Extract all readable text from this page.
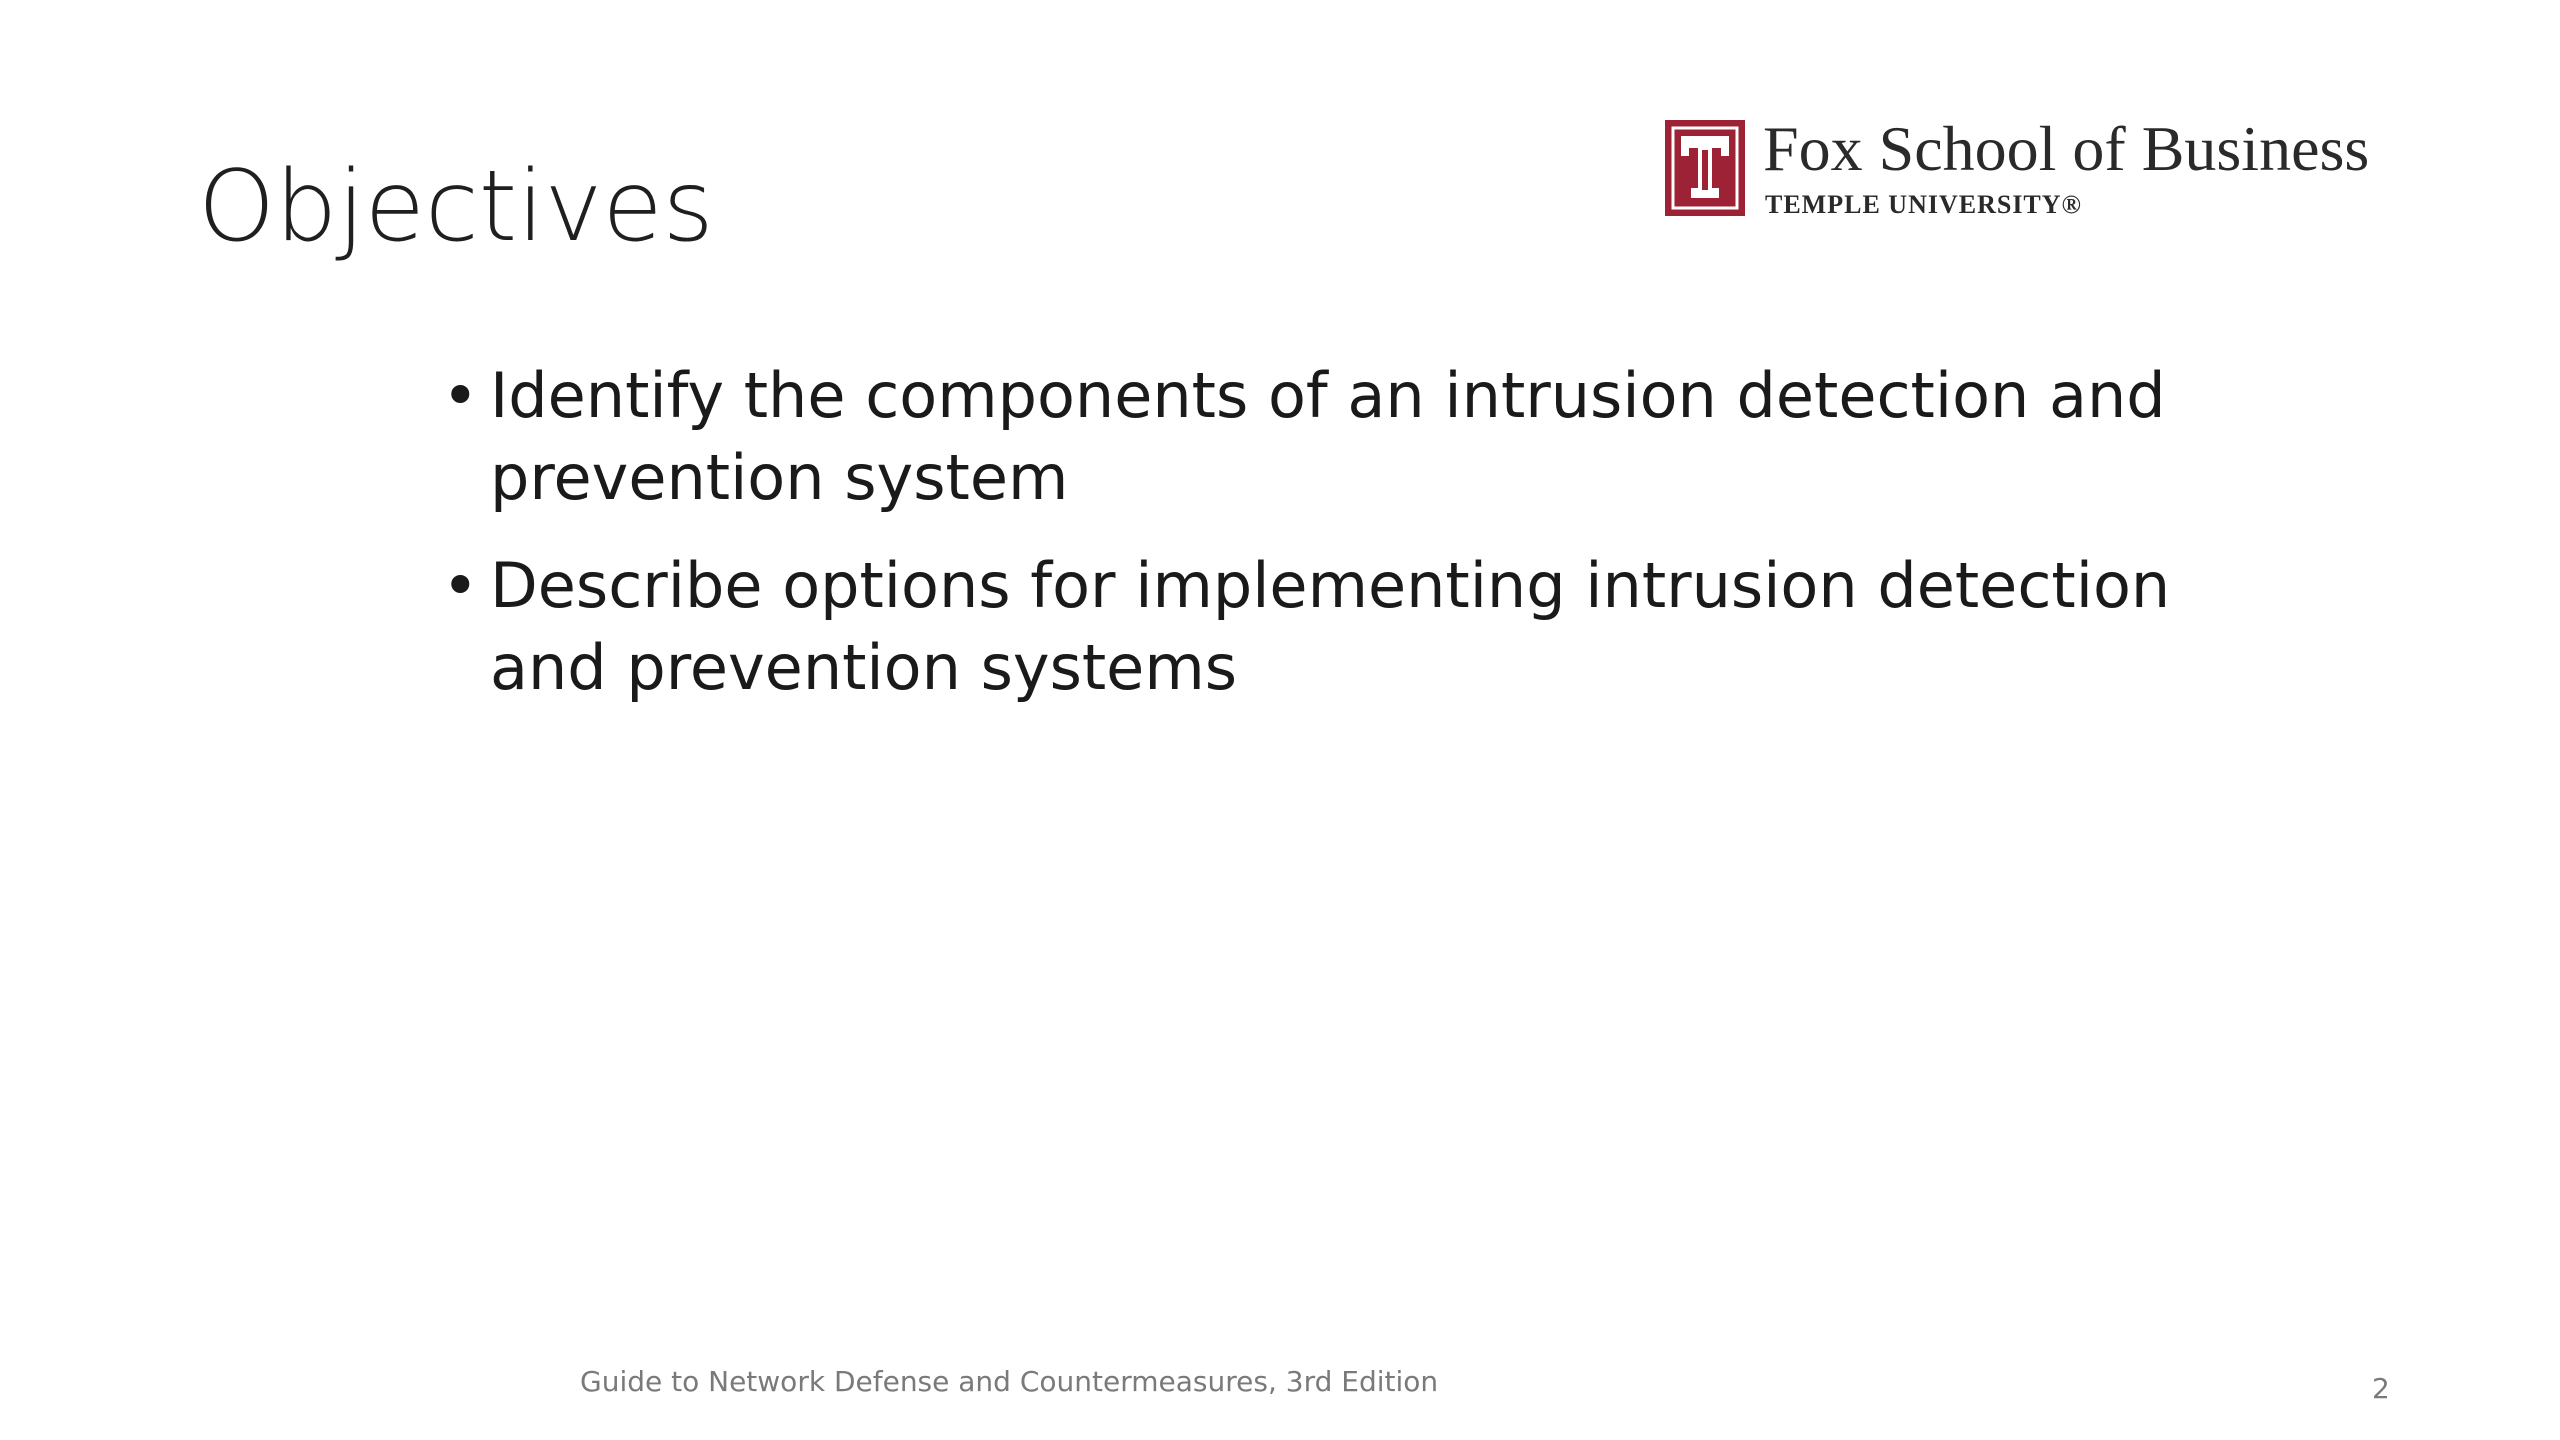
Objectives
Fox School of Business
TEMPLE UNIVERSITY®
• Identify the components of an intrusion detection and prevention system
• Describe options for implementing intrusion detection and prevention systems
Guide to Network Defense and Countermeasures, 3rd Edition	2
